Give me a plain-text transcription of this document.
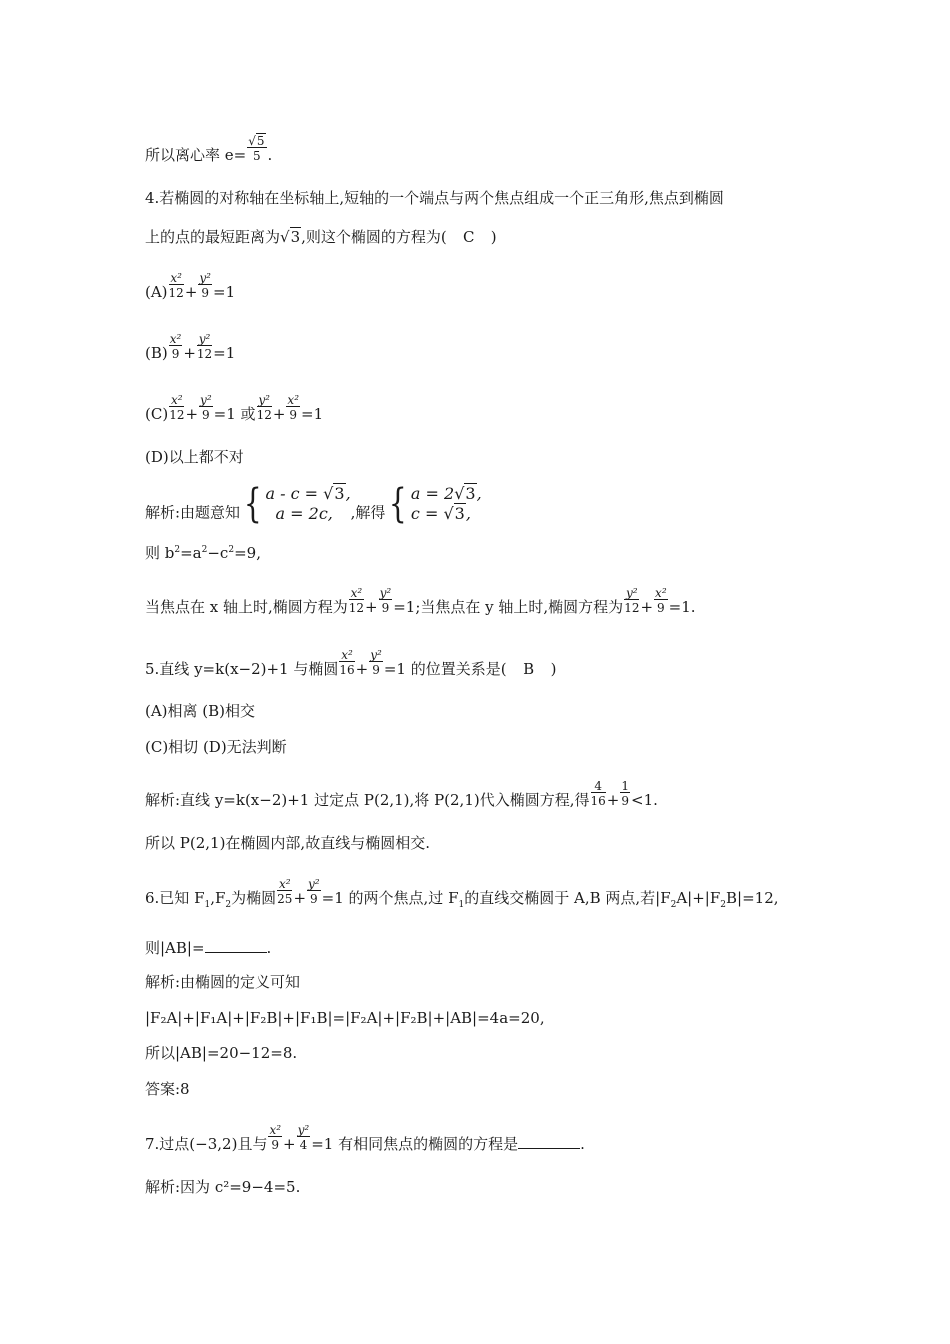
所以离心率 $e= \frac{√5}{5}$ .
4.若椭圆的对称轴在坐标轴上,短轴的一个端点与两个焦点组成一个正三角形,焦点到椭圆
上的点的最短距离为√3,则这个椭圆的方程为( C )
$(A) \frac{\text{x²}}{12} + \frac{\text{y²}}{9} =1$
$(B) \frac{\text{x²}}{9} + \frac{\text{y²}}{12} =1$
$(C) \frac{\text{x²}}{12} + \frac{\text{y²}}{9} =1$ 或 $\frac{\text{y²}}{12} + \frac{\text{x²}}{9} =1$
(D)以上都不对
解析:由题意知 { a - c = √3,
a = 2c,	,解得 { a = 2√3,
c = √3,
则 $b^2=a^2-c^2=9$,
当焦点在 x 轴上时,椭圆方程为 $\frac{\text{x²}}{12} + \frac{\text{y²}}{9} =1$;当焦点在 y 轴上时,椭圆方程为 $\frac{\text{y²}}{12} + \frac{\text{x²}}{9} =1$.
5.直线 y=k(x−2)+1 与椭圆 $\frac{\text{x²}}{16} + \frac{\text{y²}}{9} =1$ 的位置关系是( B )
(A)相离 (B)相交
(C)相切 (D)无法判断
解析:直线 y=k(x−2)+1 过定点 P(2,1),将 P(2,1)代入椭圆方程,得 $\frac{4}{16} + \frac{1}{9} <1$.
所以 P(2,1)在椭圆内部,故直线与椭圆相交.
6.已知 $F_1,F_2$为椭圆 $\frac{\text{x²}}{25} + \frac{\text{y²}}{9} =1$ 的两个焦点,过 $F_1$的直线交椭圆于 A,B 两点,若$|F_2A|+|F_2B|=12$,
则|AB|=	.
解析:由椭圆的定义可知
|F₂A|+|F₁A|+|F₂B|+|F₁B|=|F₂A|+|F₂B|+|AB|=4a=20,
所以|AB|=20−12=8.
答案:8
7.过点(−3,2)且与 $\frac{\text{x²}}{9} + \frac{\text{y²}}{4} =1$ 有相同焦点的椭圆的方程是	.
解析:因为 c²=9−4=5.
